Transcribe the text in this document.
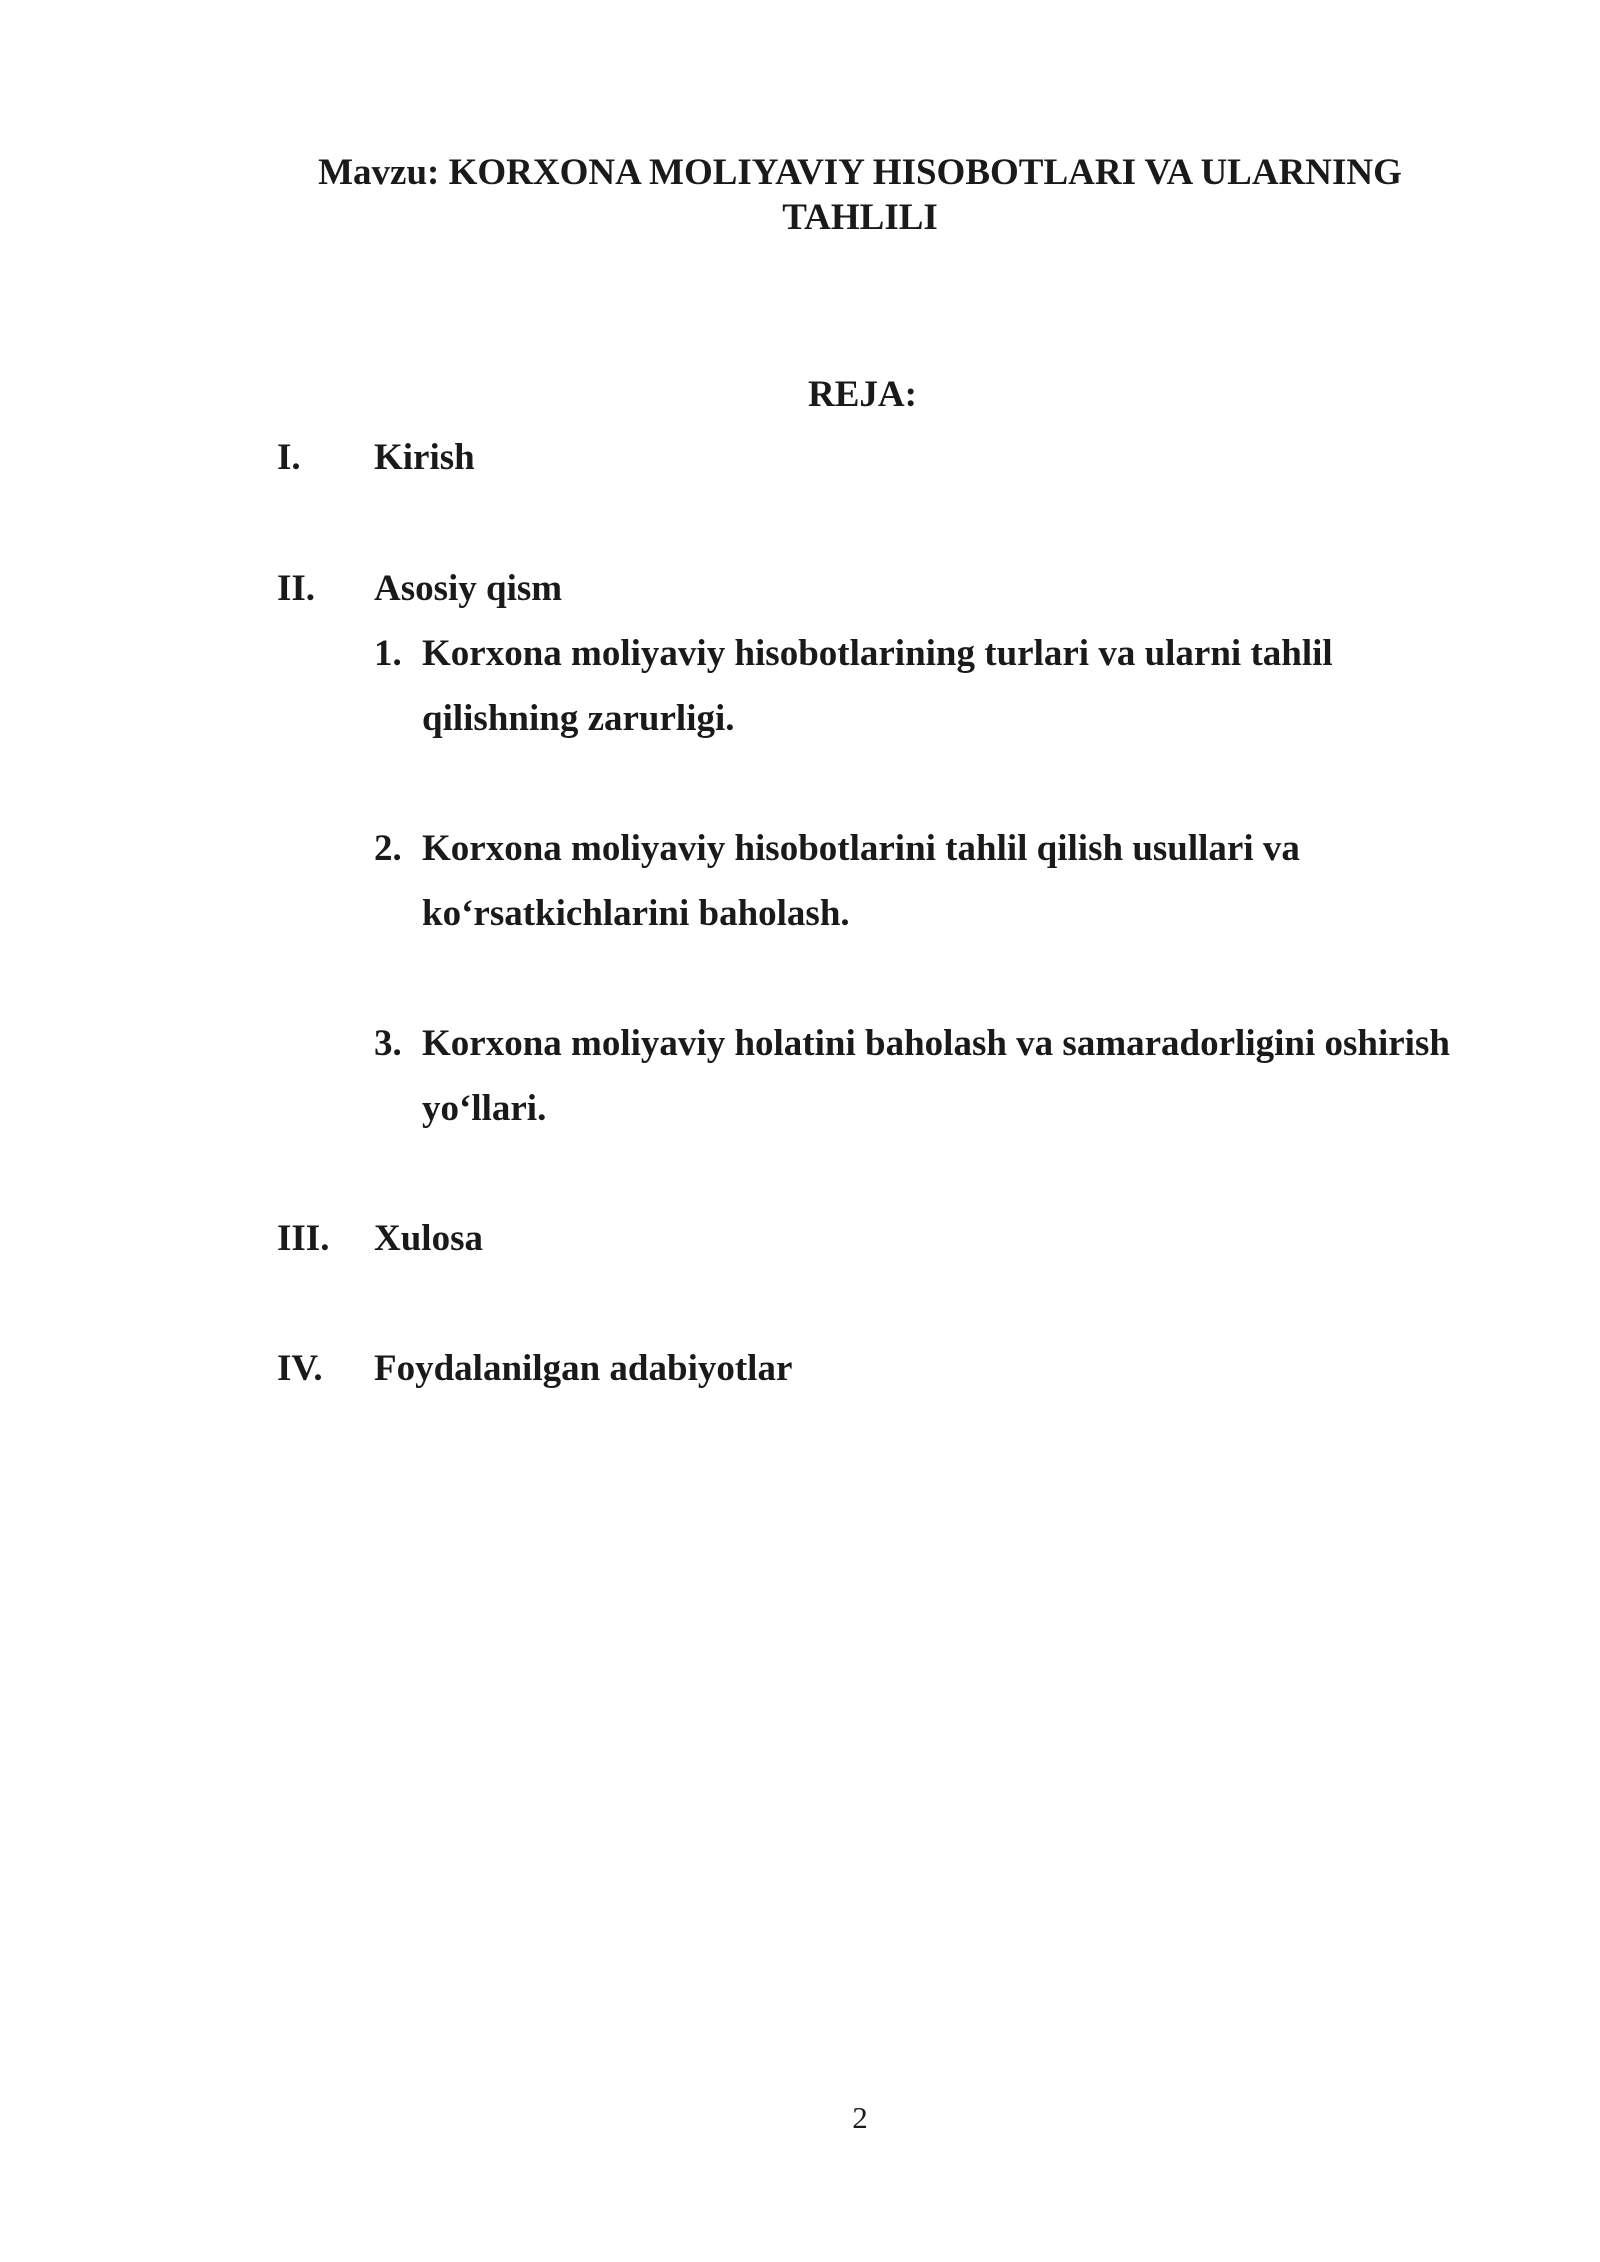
Mavzu: KORXONA MOLIYAVIY HISOBOTLARI VA ULARNING
TAHLILI
REJA:
I. Kirish
II. Asosiy qism
1. Korxona moliyaviy hisobotlarining turlari va ularni tahlil
qilishning zarurligi.
2. Korxona moliyaviy hisobotlarini tahlil qilish usullari va
ko‘rsatkichlarini baholash.
3. Korxona moliyaviy holatini baholash va samaradorligini oshirish
yo‘llari.
III. Xulosa
IV. Foydalanilgan adabiyotlar
2
